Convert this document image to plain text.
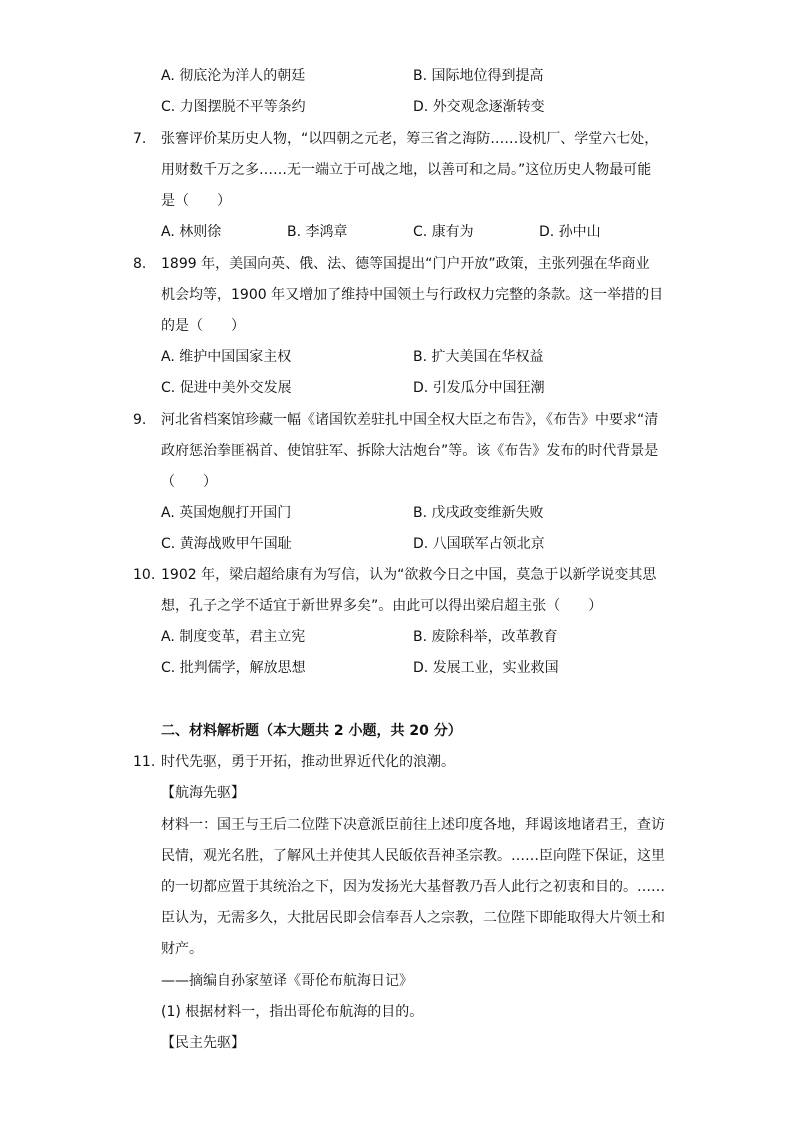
A. 彻底沦为洋人的朝廷	B. 国际地位得到提高
C. 力图摆脱不平等条约	D. 外交观念逐渐转变
7. 张謇评价某历史人物，“以四朝之元老，筹三省之海防……设机厂、学堂六七处，
用财数千万之多……无一端立于可战之地，以善可和之局。”这位历史人物最可能
是（　　）
A. 林则徐	B. 李鸿章	C. 康有为	D. 孙中山
8. 1899 年，美国向英、俄、法、德等国提出“门户开放”政策，主张列强在华商业
机会均等，1900 年又增加了维持中国领土与行政权力完整的条款。这一举措的目
的是（　　）
A. 维护中国国家主权	B. 扩大美国在华权益
C. 促进中美外交发展	D. 引发瓜分中国狂潮
9. 河北省档案馆珍藏一幅《诸国钦差驻扎中国全权大臣之布告》，《布告》中要求“清
政府惩治拳匪祸首、使馆驻军、拆除大沽炮台”等。该《布告》发布的时代背景是
（　　）
A. 英国炮舰打开国门	B. 戊戌政变维新失败
C. 黄海战败甲午国耻	D. 八国联军占领北京
10. 1902 年，梁启超给康有为写信，认为“欲救今日之中国，莫急于以新学说变其思
想，孔子之学不适宜于新世界多矣”。由此可以得出梁启超主张（　　）
A. 制度变革，君主立宪	B. 废除科举，改革教育
C. 批判儒学，解放思想	D. 发展工业，实业救国
二、材料解析题（本大题共 2 小题，共 20 分）
11. 时代先驱，勇于开拓，推动世界近代化的浪潮。
【航海先驱】
材料一：国王与王后二位陛下决意派臣前往上述印度各地，拜谒该地诸君王，查访
民情，观光名胜，了解风土并使其人民皈依吾神圣宗教。……臣向陛下保证，这里
的一切都应置于其统治之下，因为发扬光大基督教乃吾人此行之初衷和目的。……
臣认为，无需多久，大批居民即会信奉吾人之宗教，二位陛下即能取得大片领土和
财产。
——摘编自孙家堃译《哥伦布航海日记》
(1) 根据材料一，指出哥伦布航海的目的。
【民主先驱】
